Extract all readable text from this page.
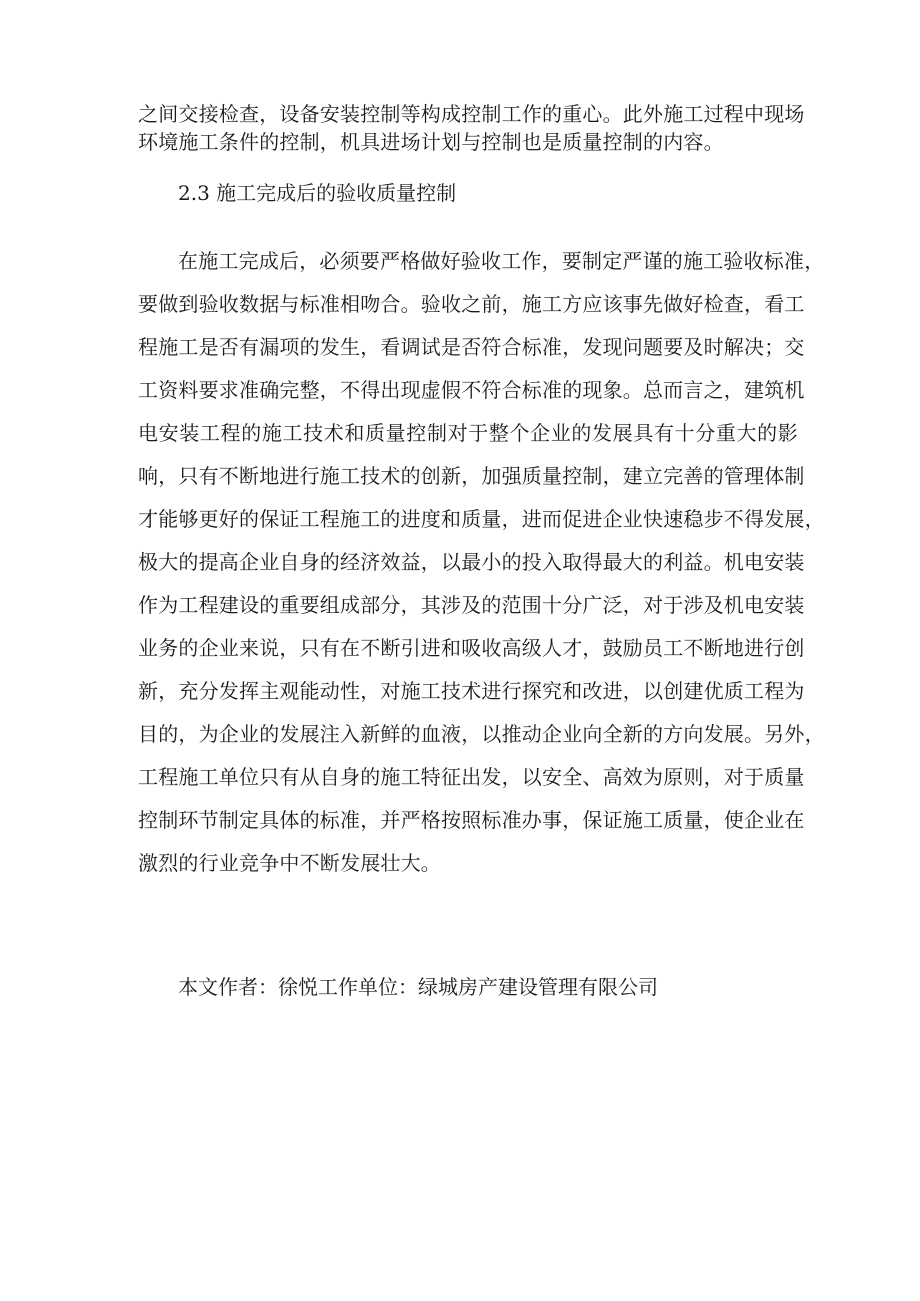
之间交接检查，设备安装控制等构成控制工作的重心。此外施工过程中现场
环境施工条件的控制，机具进场计划与控制也是质量控制的内容。
2.3 施工完成后的验收质量控制
在施工完成后，必须要严格做好验收工作，要制定严谨的施工验收标准，
要做到验收数据与标准相吻合。验收之前，施工方应该事先做好检查，看工
程施工是否有漏项的发生，看调试是否符合标准，发现问题要及时解决；交
工资料要求准确完整，不得出现虚假不符合标准的现象。总而言之，建筑机
电安装工程的施工技术和质量控制对于整个企业的发展具有十分重大的影
响，只有不断地进行施工技术的创新，加强质量控制，建立完善的管理体制
才能够更好的保证工程施工的进度和质量，进而促进企业快速稳步不得发展，
极大的提高企业自身的经济效益，以最小的投入取得最大的利益。机电安装
作为工程建设的重要组成部分，其涉及的范围十分广泛，对于涉及机电安装
业务的企业来说，只有在不断引进和吸收高级人才，鼓励员工不断地进行创
新，充分发挥主观能动性，对施工技术进行探究和改进，以创建优质工程为
目的，为企业的发展注入新鲜的血液，以推动企业向全新的方向发展。另外，
工程施工单位只有从自身的施工特征出发，以安全、高效为原则，对于质量
控制环节制定具体的标准，并严格按照标准办事，保证施工质量，使企业在
激烈的行业竞争中不断发展壮大。
本文作者：徐悦工作单位：绿城房产建设管理有限公司
